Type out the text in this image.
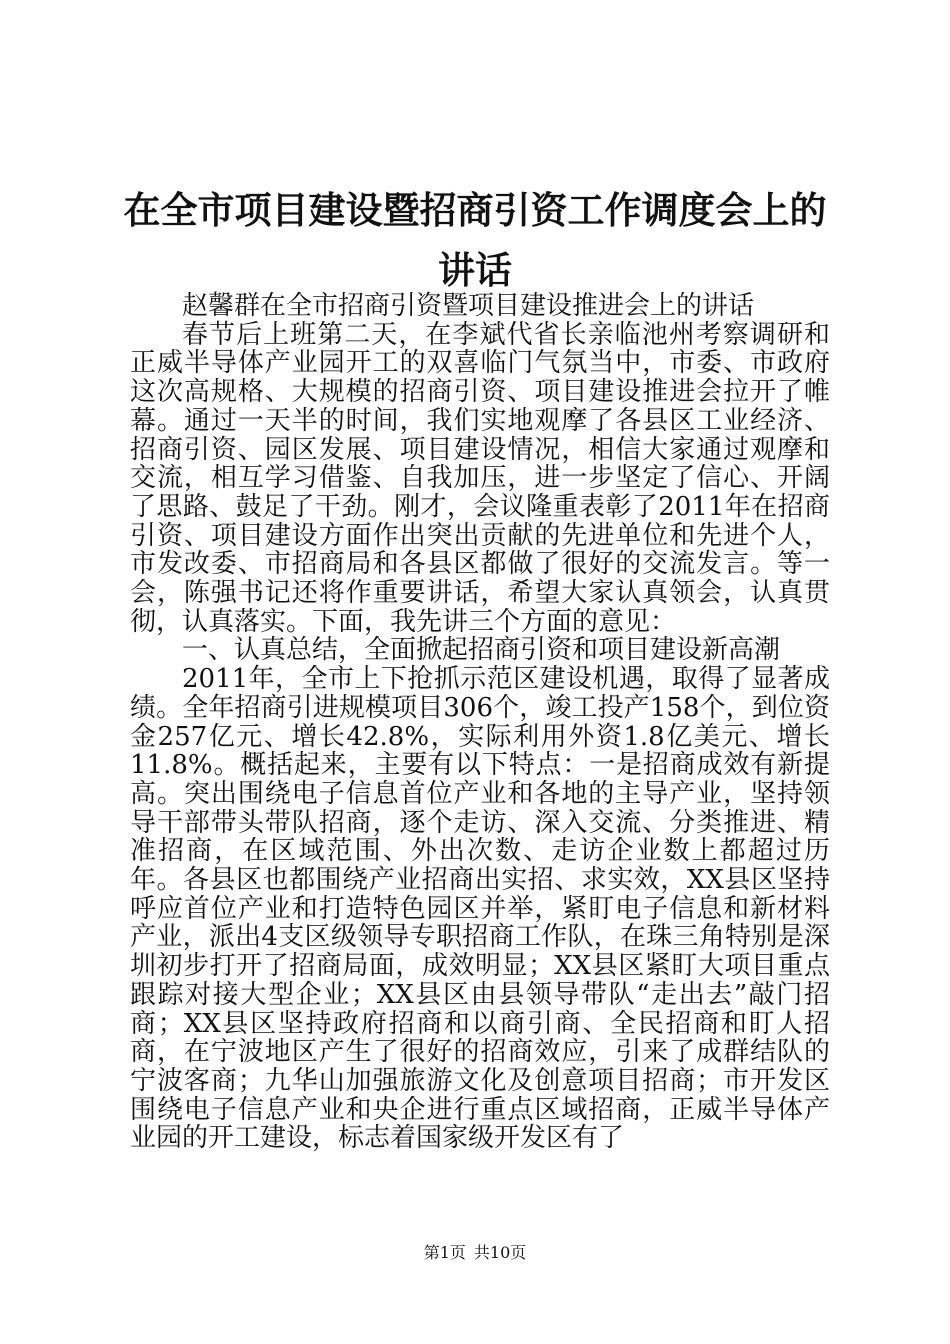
在全市项目建设暨招商引资工作调度会上的讲话

赵馨群在全市招商引资暨项目建设推进会上的讲话

春节后上班第二天，在李斌代省长亲临池州考察调研和正威半导体产业园开工的双喜临门气氛当中，市委、市政府这次高规格、大规模的招商引资、项目建设推进会拉开了帷幕。通过一天半的时间，我们实地观摩了各县区工业经济、招商引资、园区发展、项目建设情况，相信大家通过观摩和交流，相互学习借鉴、自我加压，进一步坚定了信心、开阔了思路、鼓足了干劲。刚才，会议隆重表彰了2011年在招商引资、项目建设方面作出突出贡献的先进单位和先进个人，市发改委、市招商局和各县区都做了很好的交流发言。等一会，陈强书记还将作重要讲话，希望大家认真领会，认真贯彻，认真落实。下面，我先讲三个方面的意见：

一、认真总结，全面掀起招商引资和项目建设新高潮

2011年，全市上下抢抓示范区建设机遇，取得了显著成绩。全年招商引进规模项目306个，竣工投产158个，到位资金257亿元、增长42.8%，实际利用外资1.8亿美元、增长11.8%。概括起来，主要有以下特点：一是招商成效有新提高。突出围绕电子信息首位产业和各地的主导产业，坚持领导干部带头带队招商，逐个走访、深入交流、分类推进、精准招商，在区域范围、外出次数、走访企业数上都超过历年。各县区也都围绕产业招商出实招、求实效，XX县区坚持呼应首位产业和打造特色园区并举，紧盯电子信息和新材料产业，派出4支区级领导专职招商工作队，在珠三角特别是深圳初步打开了招商局面，成效明显；XX县区紧盯大项目重点跟踪对接大型企业；XX县区由县领导带队“走出去”敲门招商；XX县区坚持政府招商和以商引商、全民招商和盯人招商，在宁波地区产生了很好的招商效应，引来了成群结队的宁波客商；九华山加强旅游文化及创意项目招商；市开发区围绕电子信息产业和央企进行重点区域招商，正威半导体产业园的开工建设，标志着国家级开发区有了

第1页 共10页
